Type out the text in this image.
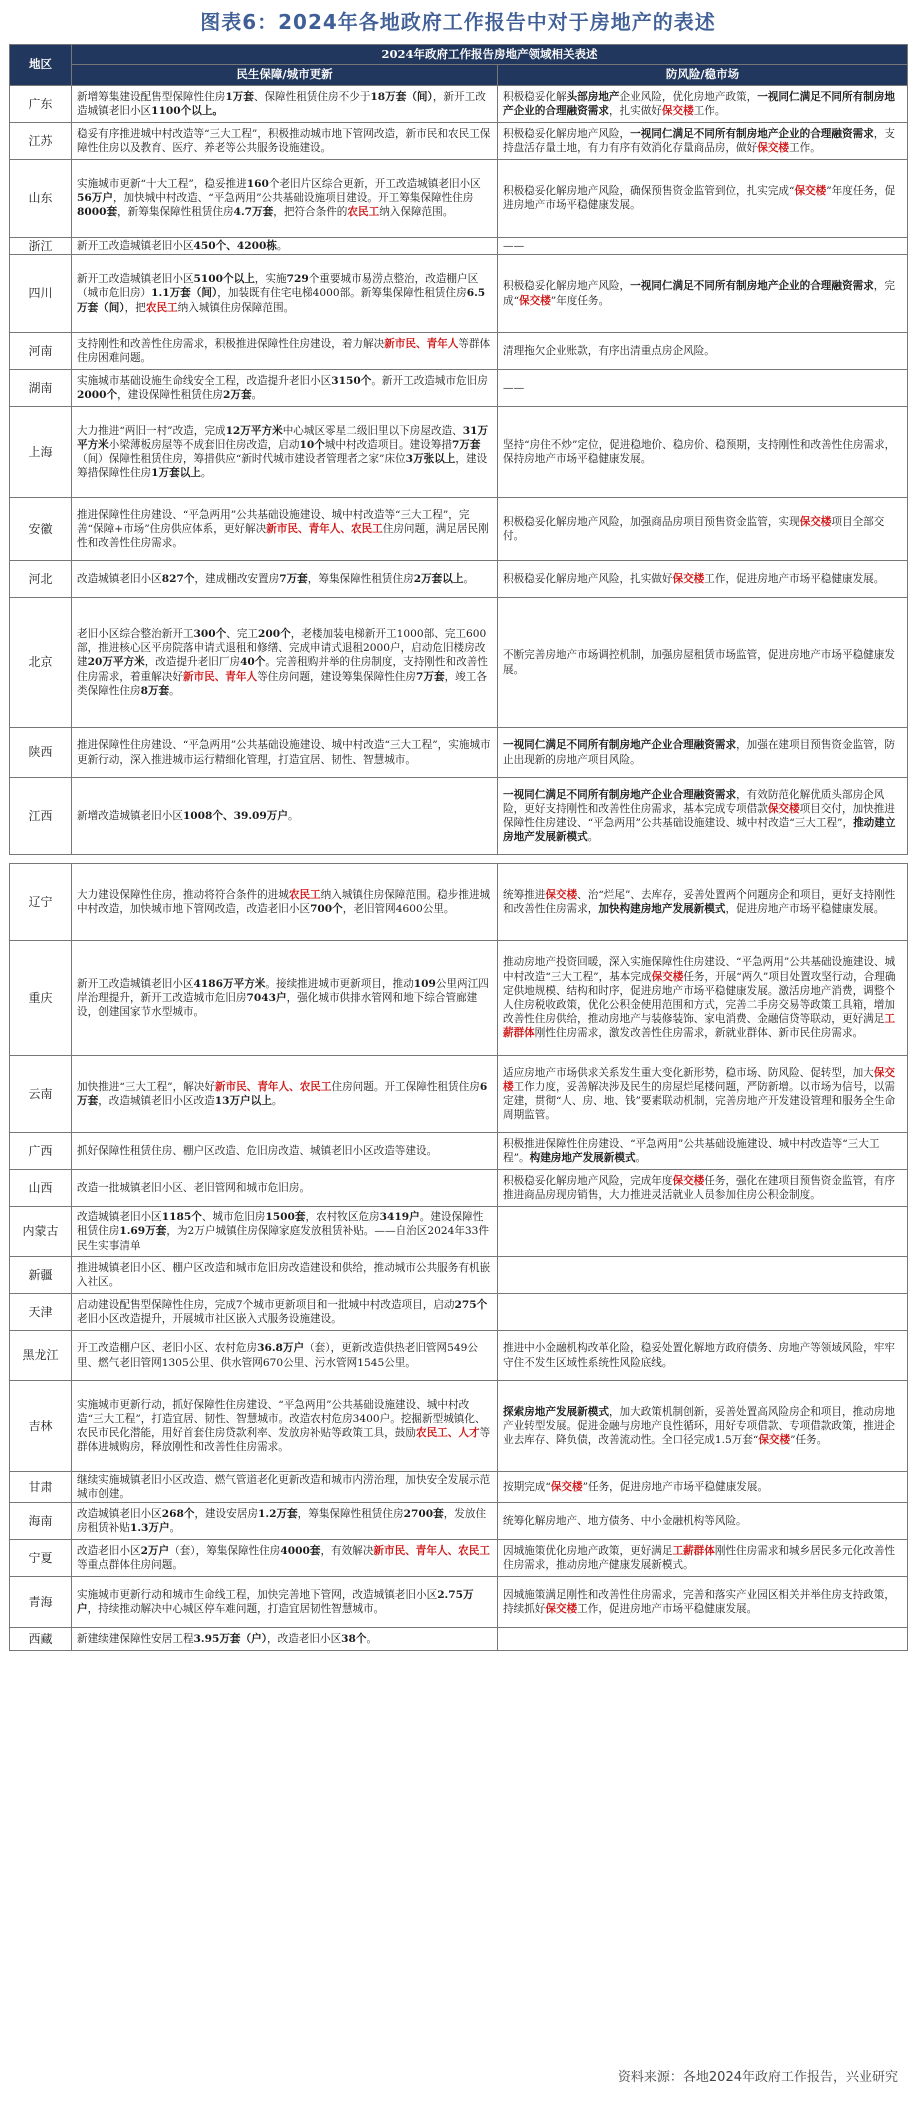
图表6：2024年各地政府工作报告中对于房地产的表述
地区	2024年政府工作报告房地产领域相关表述	
	民生保障/城市更新	防风险/稳市场
广东	新增筹集建设配售型保障性住房1万套、保障性租赁住房不少于18万套（间），新开工改造城镇老旧小区1100个以上。	积极稳妥化解头部房地产企业风险，优化房地产政策，一视同仁满足不同所有制房地产企业的合理融资需求，扎实做好保交楼工作。
江苏	稳妥有序推进城中村改造等“三大工程”，积极推动城市地下管网改造，新市民和农民工保障性住房以及教育、医疗、养老等公共服务设施建设。	积极稳妥化解房地产风险，一视同仁满足不同所有制房地产企业的合理融资需求，支持盘活存量土地，有力有序有效消化存量商品房，做好保交楼工作。
山东	实施城市更新“十大工程”，稳妥推进160个老旧片区综合更新，开工改造城镇老旧小区56万户，加快城中村改造、“平急两用”公共基础设施项目建设。开工筹集保障性住房8000套，新筹集保障性租赁住房4.7万套，把符合条件的农民工纳入保障范围。	积极稳妥化解房地产风险，确保预售资金监管到位，扎实完成“保交楼”年度任务，促进房地产市场平稳健康发展。
浙江	新开工改造城镇老旧小区450个、4200栋。	——
四川	新开工改造城镇老旧小区5100个以上，实施729个重要城市易涝点整治，改造棚户区（城市危旧房）1.1万套（间），加装既有住宅电梯4000部。新筹集保障性租赁住房6.5万套（间），把农民工纳入城镇住房保障范围。	积极稳妥化解房地产风险，一视同仁满足不同所有制房地产企业的合理融资需求，完成“保交楼”年度任务。
河南	支持刚性和改善性住房需求，积极推进保障性住房建设，着力解决新市民、青年人等群体住房困难问题。	清理拖欠企业账款，有序出清重点房企风险。
湖南	实施城市基础设施生命线安全工程，改造提升老旧小区3150个。新开工改造城市危旧房2000个，建设保障性租赁住房2万套。	——
上海	大力推进“两旧一村”改造，完成12万平方米中心城区零星二级旧里以下房屋改造、31万平方米小梁薄板房屋等不成套旧住房改造，启动10个城中村改造项目。建设筹措7万套（间）保障性租赁住房，筹措供应“新时代城市建设者管理者之家”床位3万张以上，建设筹措保障性住房1万套以上。	坚持“房住不炒”定位，促进稳地价、稳房价、稳预期，支持刚性和改善性住房需求，保持房地产市场平稳健康发展。
安徽	推进保障性住房建设、“平急两用”公共基础设施建设、城中村改造等“三大工程”，完善“保障+市场”住房供应体系，更好解决新市民、青年人、农民工住房问题，满足居民刚性和改善性住房需求。	积极稳妥化解房地产风险，加强商品房项目预售资金监管，实现保交楼项目全部交付。
河北	改造城镇老旧小区827个，建成棚改安置房7万套，筹集保障性租赁住房2万套以上。	积极稳妥化解房地产风险，扎实做好保交楼工作，促进房地产市场平稳健康发展。
北京	老旧小区综合整治新开工300个、完工200个，老楼加装电梯新开工1000部、完工600部，推进核心区平房院落申请式退租和修缮、完成申请式退租2000户，启动危旧楼房改建20万平方米，改造提升老旧厂房40个。完善租购并举的住房制度，支持刚性和改善性住房需求，着重解决好新市民、青年人等住房问题，建设筹集保障性住房7万套，竣工各类保障性住房8万套。	不断完善房地产市场调控机制，加强房屋租赁市场监管，促进房地产市场平稳健康发展。
陕西	推进保障性住房建设、“平急两用”公共基础设施建设、城中村改造“三大工程”，实施城市更新行动，深入推进城市运行精细化管理，打造宜居、韧性、智慧城市。	一视同仁满足不同所有制房地产企业合理融资需求，加强在建项目预售资金监管，防止出现新的房地产项目风险。
江西	新增改造城镇老旧小区1008个、39.09万户。	一视同仁满足不同所有制房地产企业合理融资需求，有效防范化解优质头部房企风险，更好支持刚性和改善性住房需求，基本完成专项借款保交楼项目交付，加快推进保障性住房建设、“平急两用”公共基础设施建设、城中村改造“三大工程”，推动建立房地产发展新模式。

辽宁	大力建设保障性住房，推动将符合条件的进城农民工纳入城镇住房保障范围。稳步推进城中村改造，加快城市地下管网改造，改造老旧小区700个，老旧管网4600公里。	统筹推进保交楼、治“烂尾”、去库存，妥善处置两个问题房企和项目，更好支持刚性和改善性住房需求，加快构建房地产发展新模式，促进房地产市场平稳健康发展。
重庆	新开工改造城镇老旧小区4186万平方米。接续推进城市更新项目，推动109公里两江四岸治理提升，新开工改造城市危旧房7043户，强化城市供排水管网和地下综合管廊建设，创建国家节水型城市。	推动房地产投资回暖，深入实施保障性住房建设、“平急两用”公共基础设施建设、城中村改造“三大工程”，基本完成保交楼任务，开展“两久”项目处置攻坚行动，合理确定供地规模、结构和时序，促进房地产市场平稳健康发展。激活房地产消费，调整个人住房税收政策，优化公积金使用范围和方式，完善二手房交易等政策工具箱，增加改善性住房供给，推动房地产与装修装饰、家电消费、金融信贷等联动，更好满足工薪群体刚性住房需求，激发改善性住房需求，新就业群体、新市民住房需求。
云南	加快推进“三大工程”，解决好新市民、青年人、农民工住房问题。开工保障性租赁住房6万套，改造城镇老旧小区改造13万户以上。	适应房地产市场供求关系发生重大变化新形势，稳市场、防风险、促转型，加大保交楼工作力度，妥善解决涉及民生的房屋烂尾楼问题，严防新增。以市场为信号，以需定建，贯彻“人、房、地、钱”要素联动机制，完善房地产开发建设管理和服务全生命周期监管。
广西	抓好保障性租赁住房、棚户区改造、危旧房改造、城镇老旧小区改造等建设。	积极推进保障性住房建设、“平急两用”公共基础设施建设、城中村改造等“三大工程”。构建房地产发展新模式。
山西	改造一批城镇老旧小区、老旧管网和城市危旧房。	积极稳妥化解房地产风险，完成年度保交楼任务，强化在建项目预售资金监管，有序推进商品房现房销售，大力推进灵活就业人员参加住房公积金制度。
内蒙古	改造城镇老旧小区1185个、城市危旧房1500套，农村牧区危房3419户。建设保障性租赁住房1.69万套，为2万户城镇住房保障家庭发放租赁补贴。——自治区2024年33件民生实事清单	
新疆	推进城镇老旧小区、棚户区改造和城市危旧房改造建设和供给，推动城市公共服务有机嵌入社区。	
天津	启动建设配售型保障性住房，完成7个城市更新项目和一批城中村改造项目，启动275个老旧小区改造提升，开展城市社区嵌入式服务设施建设。	
黑龙江	开工改造棚户区、老旧小区、农村危房36.8万户（套），更新改造供热老旧管网549公里、燃气老旧管网1305公里、供水管网670公里、污水管网1545公里。	推进中小金融机构改革化险，稳妥处置化解地方政府债务、房地产等领域风险，牢牢守住不发生区域性系统性风险底线。
吉林	实施城市更新行动，抓好保障性住房建设、“平急两用”公共基础设施建设、城中村改造“三大工程”，打造宜居、韧性、智慧城市。改造农村危房3400户。挖掘新型城镇化、农民市民化潜能，用好首套住房贷款利率、发放房补贴等政策工具，鼓励农民工、人才等群体进城购房，释放刚性和改善性住房需求。	探索房地产发展新模式，加大政策机制创新，妥善处置高风险房企和项目，推动房地产业转型发展。促进金融与房地产良性循环，用好专项借款、专项借款政策，推进企业去库存、降负债，改善流动性。全口径完成1.5万套“保交楼”任务。
甘肃	继续实施城镇老旧小区改造、燃气管道老化更新改造和城市内涝治理，加快安全发展示范城市创建。	按期完成“保交楼”任务，促进房地产市场平稳健康发展。
海南	改造城镇老旧小区268个，建设安居房1.2万套，筹集保障性租赁住房2700套，发放住房租赁补贴1.3万户。	统筹化解房地产、地方债务、中小金融机构等风险。
宁夏	改造老旧小区2万户（套），筹集保障性住房4000套，有效解决新市民、青年人、农民工等重点群体住房问题。	因城施策优化房地产政策，更好满足工薪群体刚性住房需求和城乡居民多元化改善性住房需求，推动房地产健康发展新模式。
青海	实施城市更新行动和城市生命线工程，加快完善地下管网，改造城镇老旧小区2.75万户，持续推动解决中心城区停车难问题，打造宜居韧性智慧城市。	因城施策满足刚性和改善性住房需求，完善和落实产业园区相关并举住房支持政策，持续抓好保交楼工作，促进房地产市场平稳健康发展。
西藏	新建续建保障性安居工程3.95万套（户），改造老旧小区38个。	
资料来源：各地2024年政府工作报告，兴业研究
